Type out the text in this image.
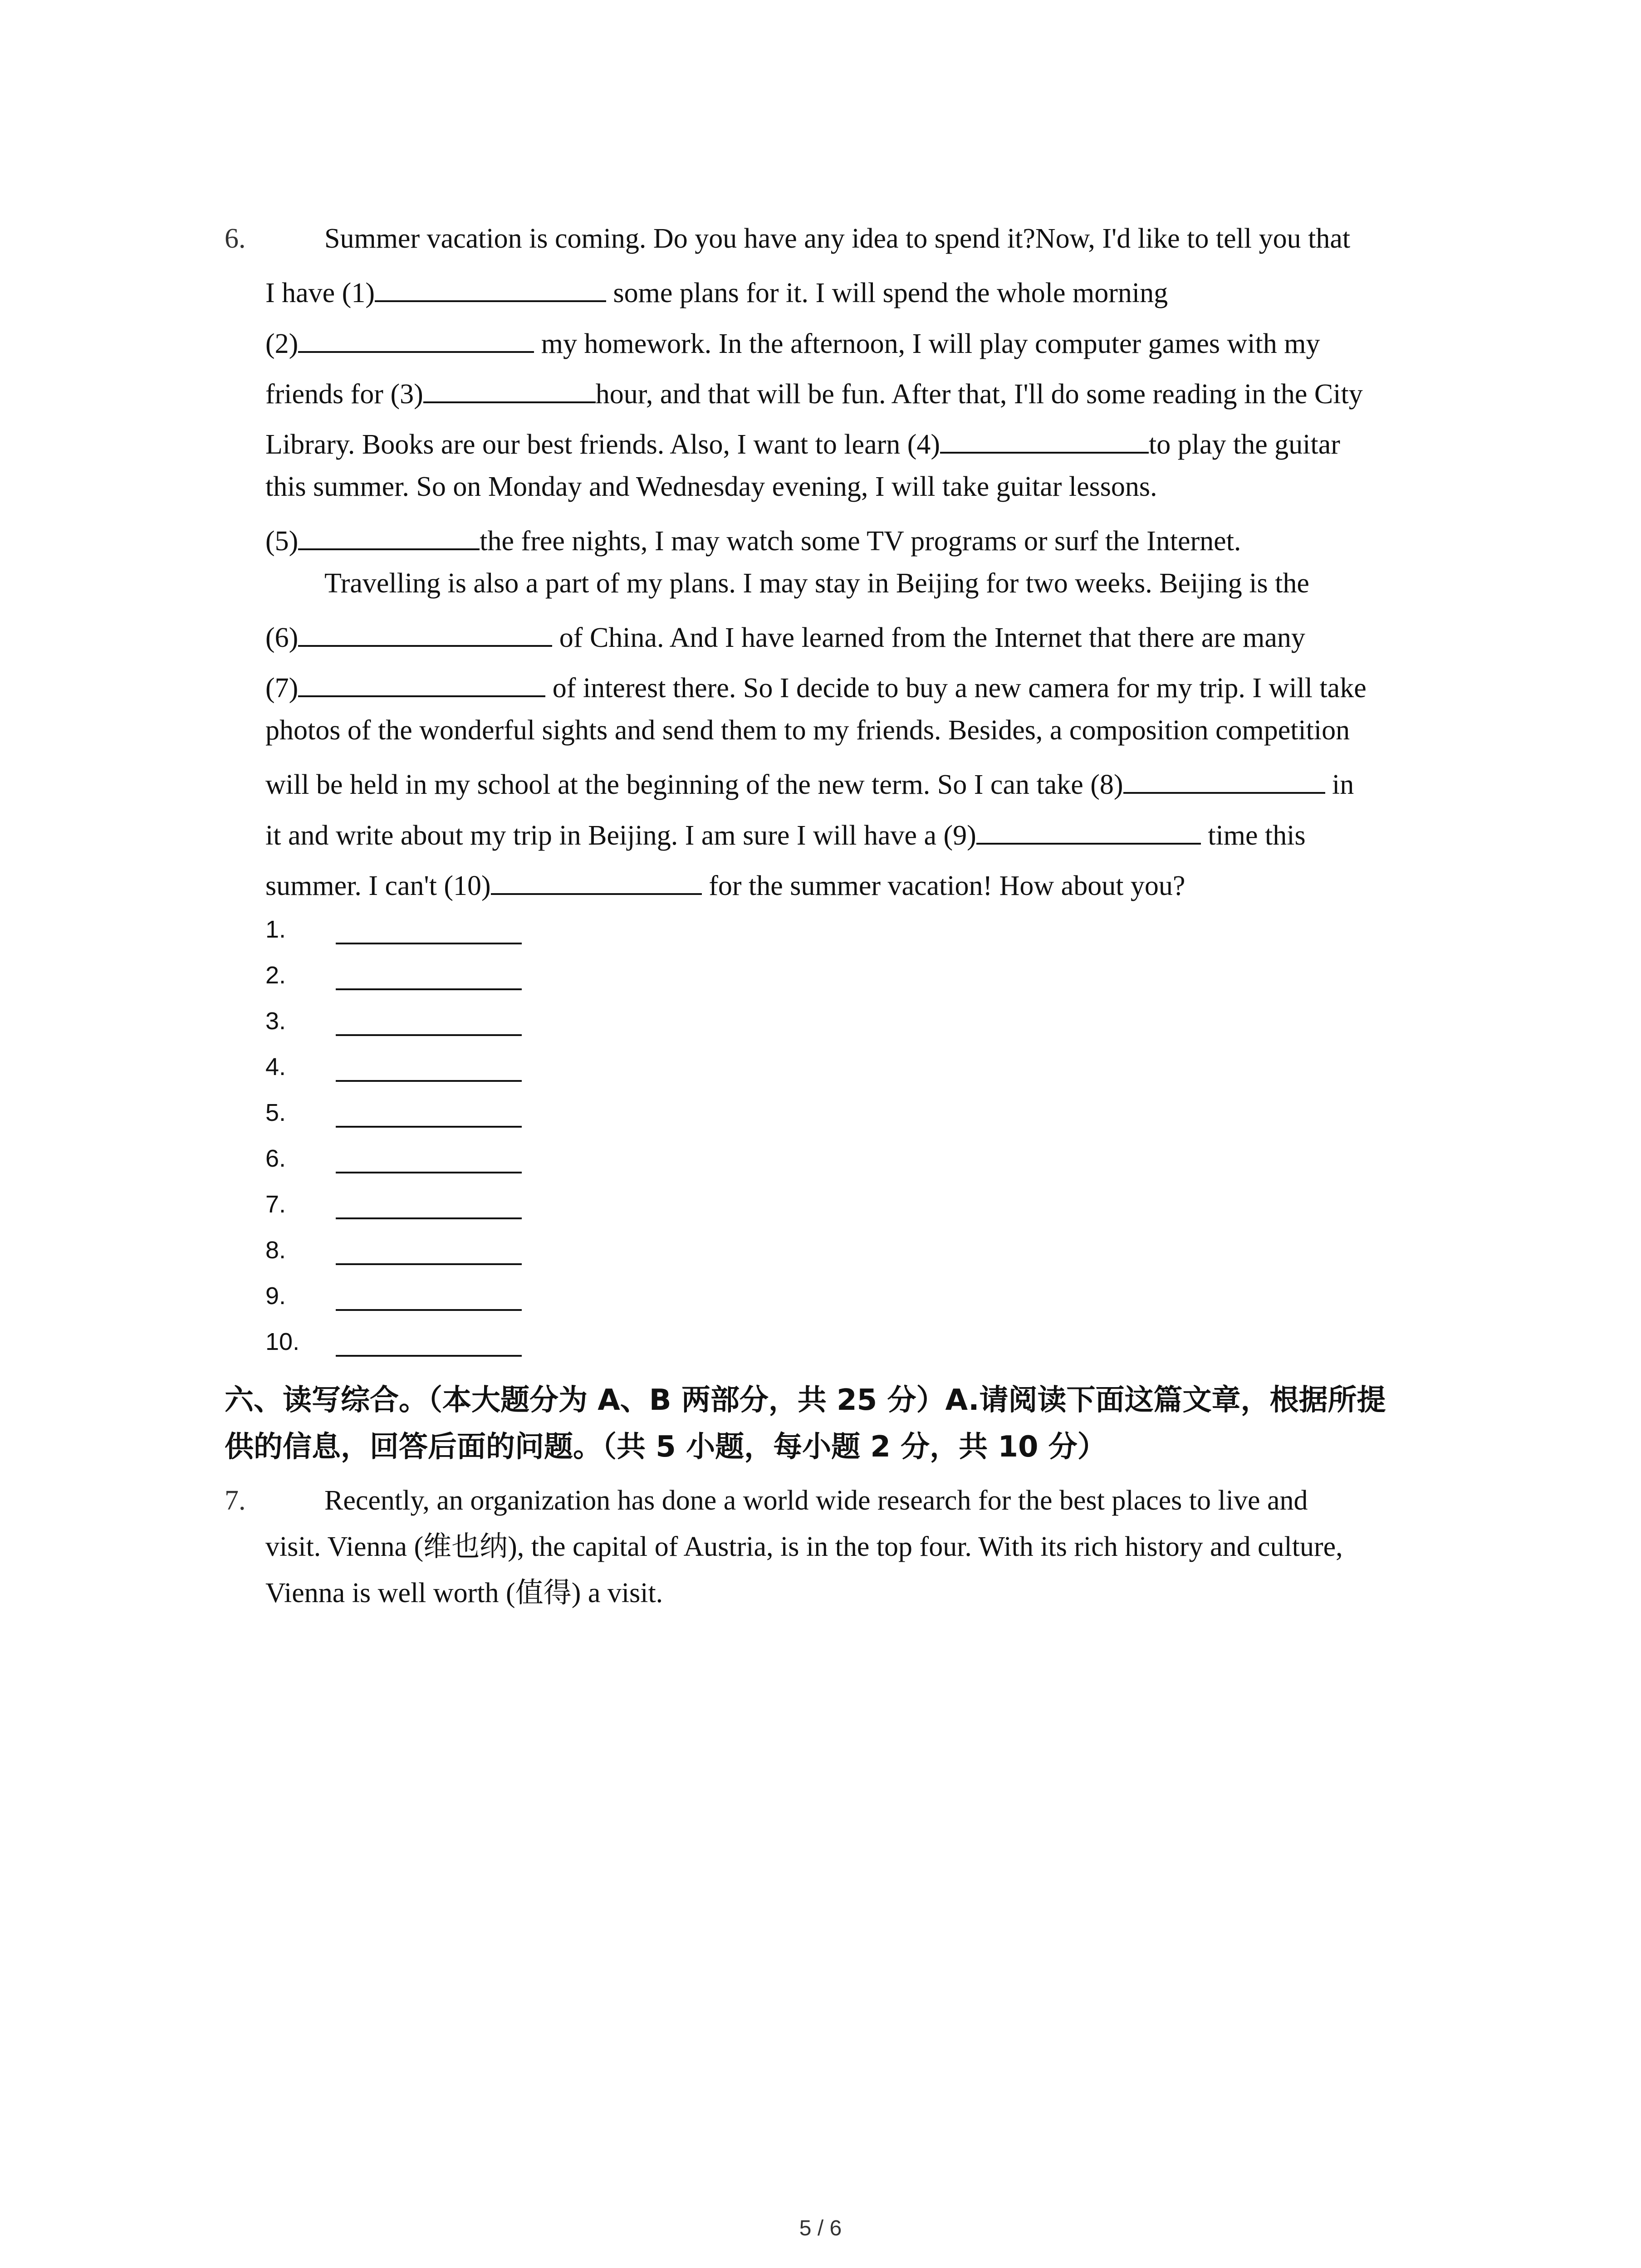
6.	Summer vacation is coming. Do you have any idea to spend it?Now, I'd like to tell you that
I have (1)	some plans for it. I will spend the whole morning
(2)	my homework. In the afternoon, I will play computer games with my
friends for (3)	hour, and that will be fun. After that, I'll do some reading in the City
Library. Books are our best friends. Also, I want to learn (4)	to play the guitar
this summer. So on Monday and Wednesday evening, I will take guitar lessons.
(5)	the free nights, I may watch some TV programs or surf the Internet.
Travelling is also a part of my plans. I may stay in Beijing for two weeks. Beijing is the
(6)	of China. And I have learned from the Internet that there are many
(7)	of interest there. So I decide to buy a new camera for my trip. I will take
photos of the wonderful sights and send them to my friends. Besides, a composition competition
will be held in my school at the beginning of the new term. So I can take (8)	in
it and write about my trip in Beijing. I am sure I will have a (9)	time this
summer. I can't (10)	for the summer vacation! How about you?
1.
2.
3.
4.
5.
6.
7.
8.
9.
10.
六、读写综合。（本大题分为 A、B 两部分，共 25 分）A.请阅读下面这篇文章，根据所提
供的信息，回答后面的问题。（共 5 小题，每小题 2 分，共 10 分）
7.	Recently, an organization has done a world wide research for the best places to live and
visit. Vienna (维也纳), the capital of Austria, is in the top four. With its rich history and culture,
Vienna is well worth (值得) a visit.
5 / 6
